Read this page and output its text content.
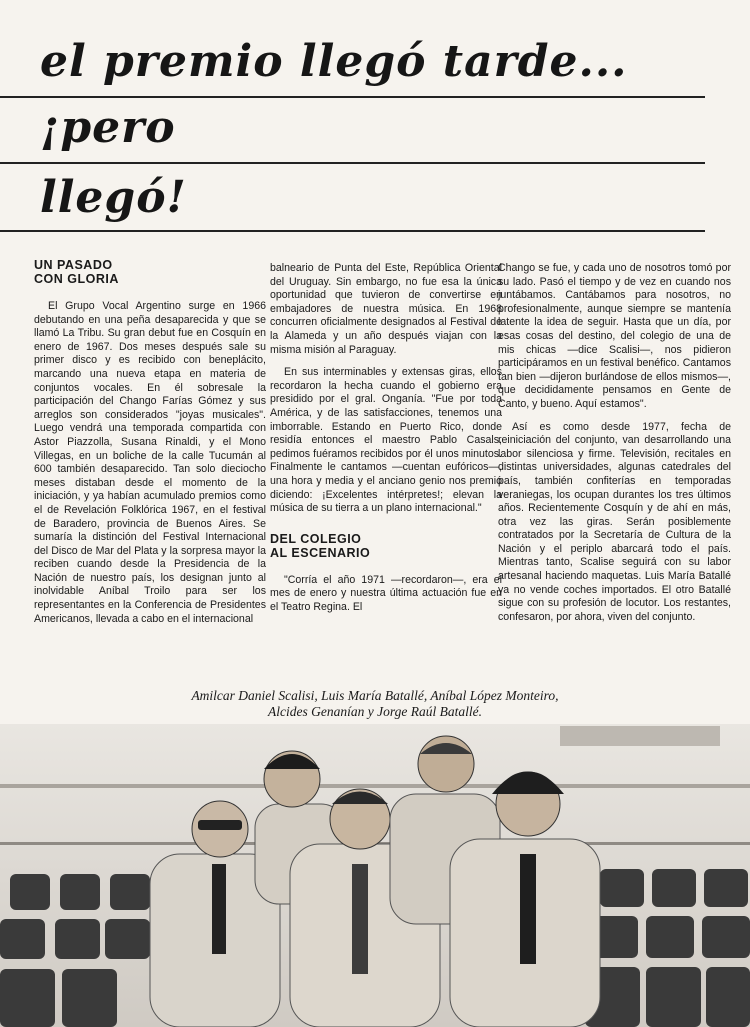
el premio llegó tarde...
¡pero
llegó!
UN PASADO
CON GLORIA

El Grupo Vocal Argentino surge en 1966 debutando en una peña desaparecida y que se llamó La Tribu. Su gran debut fue en Cosquín en enero de 1967. Dos meses después sale su primer disco y es recibido con beneplácito, marcando una nueva etapa en materia de conjuntos vocales. En él sobresale la participación del Chango Farías Gómez y sus arreglos son considerados "joyas musicales". Luego vendrá una temporada compartida con Astor Piazzolla, Susana Rinaldi, y el Mono Villegas, en un boliche de la calle Tucumán al 600 también desaparecido. Tan solo dieciocho meses distaban desde el momento de la iniciación, y ya habían acumulado premios como el de Revelación Folklórica 1967, en el festival de Baradero, provincia de Buenos Aires. Se sumaría la distinción del Festival Internacional del Disco de Mar del Plata y la sorpresa mayor la reciben cuando desde la Presidencia de la Nación de nuestro país, los designan junto al inolvidable Aníbal Troilo para ser los representantes en la Conferencia de Presidentes Americanos, llevada a cabo en el internacional

balneario de Punta del Este, República Oriental del Uruguay. Sin embargo, no fue esa la única oportunidad que tuvieron de convertirse en embajadores de nuestra música. En 1968 concurren oficialmente designados al Festival de la Alameda y un año después viajan con la misma misión al Paraguay.

En sus interminables y extensas giras, ellos recordaron la hecha cuando el gobierno era presidido por el gral. Onganía. "Fue por toda América, y de las satisfacciones, tenemos una imborrable. Estando en Puerto Rico, donde residía entonces el maestro Pablo Casals, pedimos fuéramos recibidos por él unos minutos. Finalmente le cantamos —cuentan eufóricos—, una hora y media y el anciano genio nos premió diciendo: ¡Excelentes intérpretes!; elevan la música de su tierra a un plano internacional."

DEL COLEGIO
AL ESCENARIO

"Corría el año 1971 —recordaron—, era el mes de enero y nuestra última actuación fue en el Teatro Regina. El

Chango se fue, y cada uno de nosotros tomó por su lado. Pasó el tiempo y de vez en cuando nos juntábamos. Cantábamos para nosotros, no profesionalmente, aunque siempre se mantenía latente la idea de seguir. Hasta que un día, por esas cosas del destino, del colegio de una de mis chicas —dice Scalisi—, nos pidieron participáramos en un festival benéfico. Cantamos tan bien —dijeron burlándose de ellos mismos—, que decididamente pensamos en Gente de Canto, y bueno. Aquí estamos".

Así es como desde 1977, fecha de reiniciación del conjunto, van desarrollando una labor silenciosa y firme. Televisión, recitales en distintas universidades, algunas catedrales del país, también confiterías en temporadas veraniegas, los ocupan durantes los tres últimos años. Recientemente Cosquín y de ahí en más, otra vez las giras. Serán posiblemente contratados por la Secretaría de Cultura de la Nación y el periplo abarcará todo el país. Mientras tanto, Scalise seguirá con su labor artesanal haciendo maquetas. Luis María Batallé ya no vende coches importados. El otro Batallé sigue con su profesión de locutor. Los restantes, confesaron, por ahora, viven del conjunto.

Amilcar Daniel Scalisi, Luis María Batallé, Aníbal López Monteiro,
Alcides Genanían y Jorge Raúl Batallé.
